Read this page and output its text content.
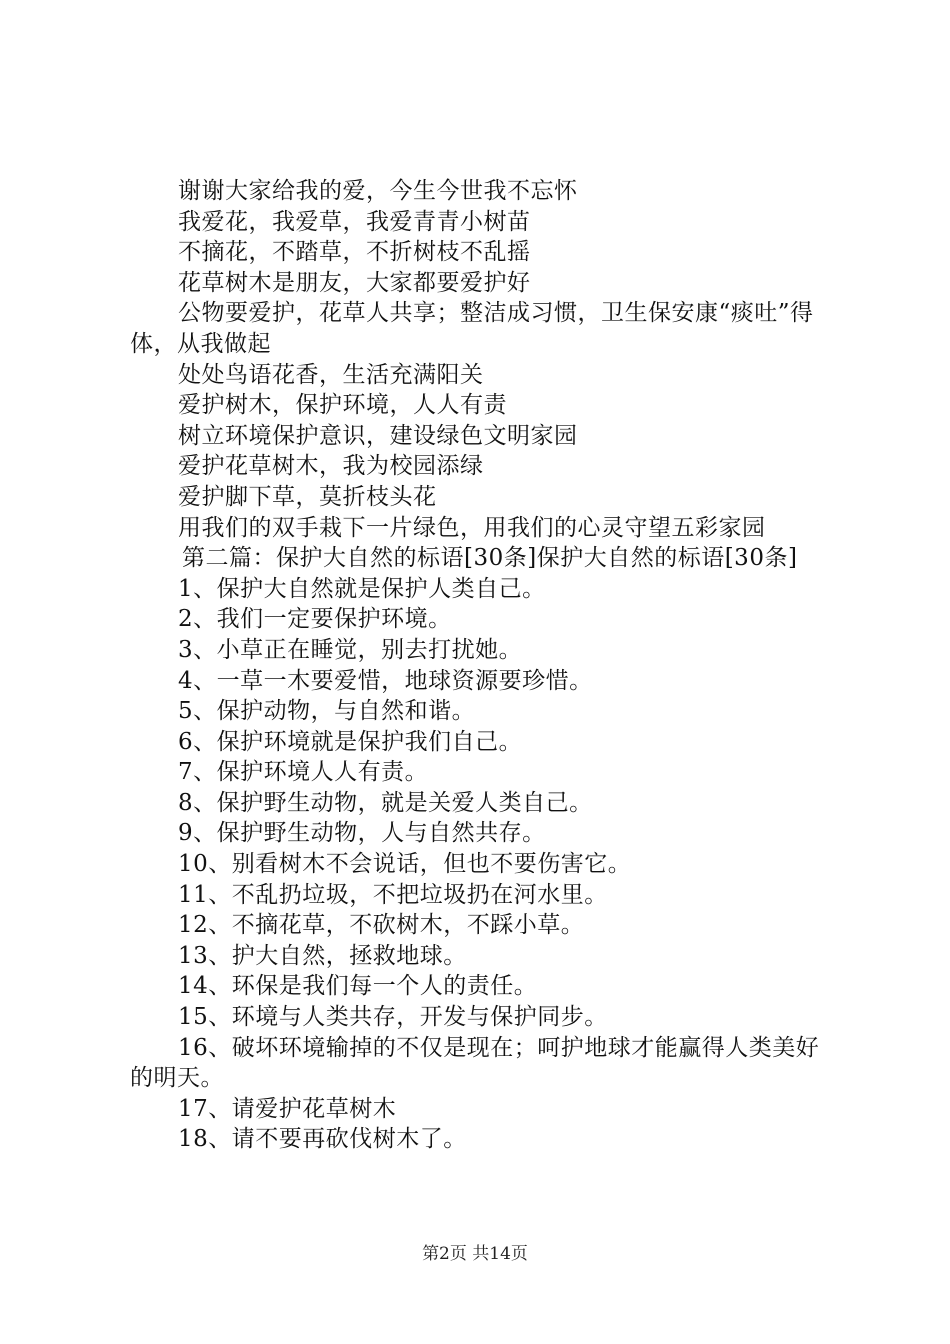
谢谢大家给我的爱，今生今世我不忘怀

我爱花，我爱草，我爱青青小树苗

不摘花，不踏草，不折树枝不乱摇

花草树木是朋友，大家都要爱护好

公物要爱护，花草人共享；整洁成习惯，卫生保安康“痰吐”得体，从我做起

处处鸟语花香，生活充满阳关

爱护树木，保护环境，人人有责

树立环境保护意识，建设绿色文明家园

爱护花草树木，我为校园添绿

爱护脚下草，莫折枝头花

用我们的双手栽下一片绿色，用我们的心灵守望五彩家园

第二篇：保护大自然的标语[30条]保护大自然的标语[30条]

1、保护大自然就是保护人类自己。

2、我们一定要保护环境。

3、小草正在睡觉，别去打扰她。

4、一草一木要爱惜，地球资源要珍惜。

5、保护动物，与自然和谐。

6、保护环境就是保护我们自己。

7、保护环境人人有责。

8、保护野生动物，就是关爱人类自己。

9、保护野生动物，人与自然共存。

10、别看树木不会说话，但也不要伤害它。

11、不乱扔垃圾，不把垃圾扔在河水里。

12、不摘花草，不砍树木，不踩小草。

13、护大自然，拯救地球。

14、环保是我们每一个人的责任。

15、环境与人类共存，开发与保护同步。

16、破坏环境输掉的不仅是现在；呵护地球才能赢得人类美好的明天。

17、请爱护花草树木

18、请不要再砍伐树木了。

第2页 共14页
